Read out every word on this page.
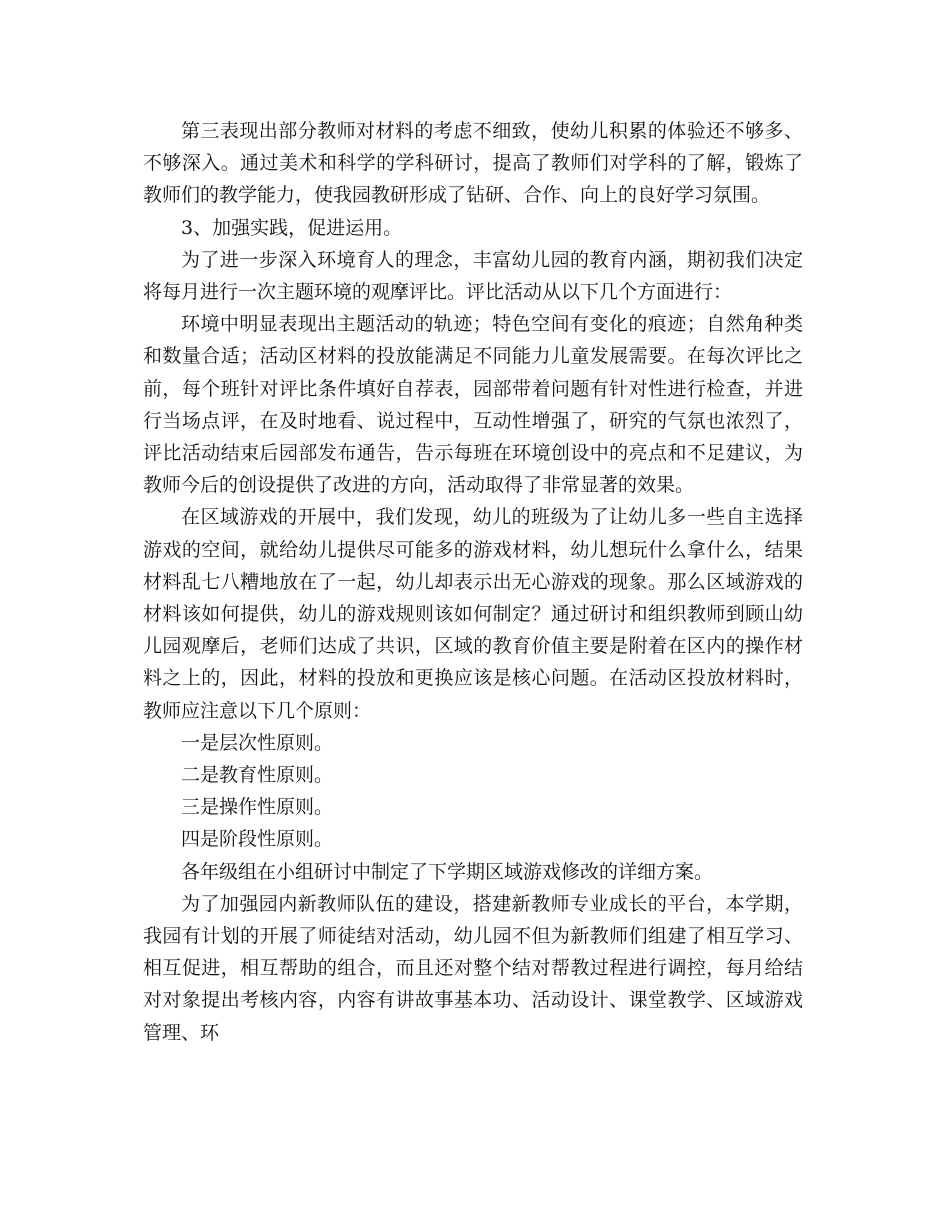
第三表现出部分教师对材料的考虑不细致，使幼儿积累的体验还不够多、不够深入。通过美术和科学的学科研讨，提高了教师们对学科的了解，锻炼了教师们的教学能力，使我园教研形成了钻研、合作、向上的良好学习氛围。

3、加强实践，促进运用。

为了进一步深入环境育人的理念，丰富幼儿园的教育内涵，期初我们决定将每月进行一次主题环境的观摩评比。评比活动从以下几个方面进行：

环境中明显表现出主题活动的轨迹；特色空间有变化的痕迹；自然角种类和数量合适；活动区材料的投放能满足不同能力儿童发展需要。在每次评比之前，每个班针对评比条件填好自荐表，园部带着问题有针对性进行检查，并进行当场点评，在及时地看、说过程中，互动性增强了，研究的气氛也浓烈了，评比活动结束后园部发布通告，告示每班在环境创设中的亮点和不足建议，为教师今后的创设提供了改进的方向，活动取得了非常显著的效果。

在区域游戏的开展中，我们发现，幼儿的班级为了让幼儿多一些自主选择游戏的空间，就给幼儿提供尽可能多的游戏材料，幼儿想玩什么拿什么，结果材料乱七八糟地放在了一起，幼儿却表示出无心游戏的现象。那么区域游戏的材料该如何提供，幼儿的游戏规则该如何制定？通过研讨和组织教师到顾山幼儿园观摩后，老师们达成了共识，区域的教育价值主要是附着在区内的操作材料之上的，因此，材料的投放和更换应该是核心问题。在活动区投放材料时，教师应注意以下几个原则：

一是层次性原则。

二是教育性原则。

三是操作性原则。

四是阶段性原则。

各年级组在小组研讨中制定了下学期区域游戏修改的详细方案。

为了加强园内新教师队伍的建设，搭建新教师专业成长的平台，本学期，我园有计划的开展了师徒结对活动，幼儿园不但为新教师们组建了相互学习、相互促进，相互帮助的组合，而且还对整个结对帮教过程进行调控，每月给结对对象提出考核内容，内容有讲故事基本功、活动设计、课堂教学、区域游戏管理、环
